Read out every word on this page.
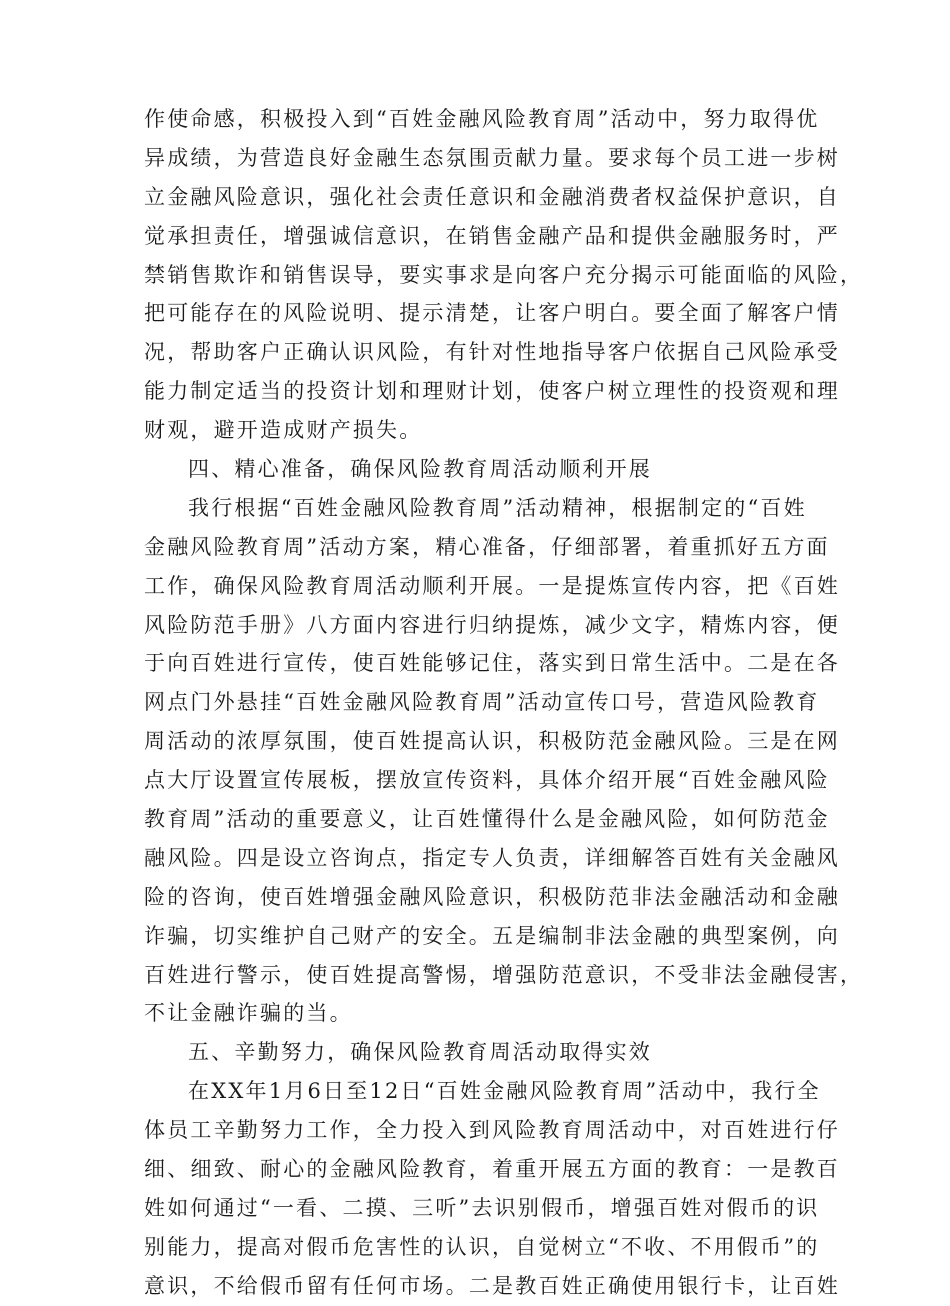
作使命感，积极投入到“百姓金融风险教育周”活动中，努力取得优
异成绩，为营造良好金融生态氛围贡献力量。要求每个员工进一步树
立金融风险意识，强化社会责任意识和金融消费者权益保护意识，自
觉承担责任，增强诚信意识，在销售金融产品和提供金融服务时，严
禁销售欺诈和销售误导，要实事求是向客户充分揭示可能面临的风险，
把可能存在的风险说明、提示清楚，让客户明白。要全面了解客户情
况，帮助客户正确认识风险，有针对性地指导客户依据自己风险承受
能力制定适当的投资计划和理财计划，使客户树立理性的投资观和理
财观，避开造成财产损失。
四、精心准备，确保风险教育周活动顺利开展
我行根据“百姓金融风险教育周”活动精神，根据制定的“百姓
金融风险教育周”活动方案，精心准备，仔细部署，着重抓好五方面
工作，确保风险教育周活动顺利开展。一是提炼宣传内容，把《百姓
风险防范手册》八方面内容进行归纳提炼，减少文字，精炼内容，便
于向百姓进行宣传，使百姓能够记住，落实到日常生活中。二是在各
网点门外悬挂“百姓金融风险教育周”活动宣传口号，营造风险教育
周活动的浓厚氛围，使百姓提高认识，积极防范金融风险。三是在网
点大厅设置宣传展板，摆放宣传资料，具体介绍开展“百姓金融风险
教育周”活动的重要意义，让百姓懂得什么是金融风险，如何防范金
融风险。四是设立咨询点，指定专人负责，详细解答百姓有关金融风
险的咨询，使百姓增强金融风险意识，积极防范非法金融活动和金融
诈骗，切实维护自己财产的安全。五是编制非法金融的典型案例，向
百姓进行警示，使百姓提高警惕，增强防范意识，不受非法金融侵害，
不让金融诈骗的当。
五、辛勤努力，确保风险教育周活动取得实效
在XX年1月6日至12日“百姓金融风险教育周”活动中，我行全
体员工辛勤努力工作，全力投入到风险教育周活动中，对百姓进行仔
细、细致、耐心的金融风险教育，着重开展五方面的教育：一是教百
姓如何通过“一看、二摸、三听”去识别假币，增强百姓对假币的识
别能力，提高对假币危害性的认识，自觉树立“不收、不用假币”的
意识，不给假币留有任何市场。二是教百姓正确使用银行卡，让百姓
